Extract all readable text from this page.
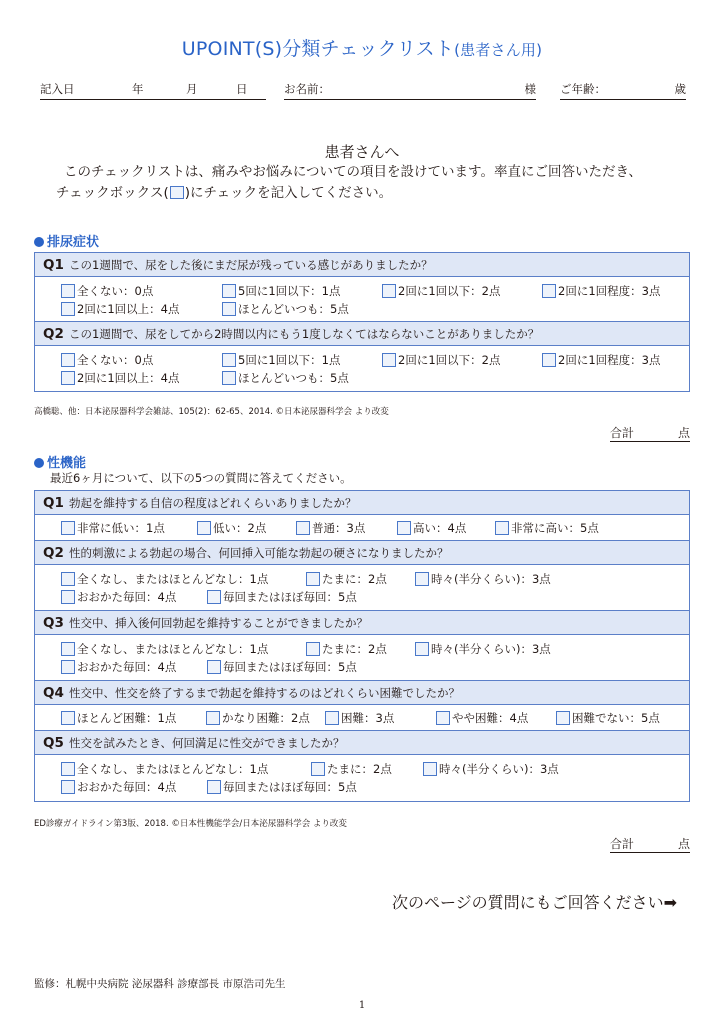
UPOINT(S)分類チェックリスト(患者さん用)
記入日	年	月	日	お名前：	様 ご年齢：	歳
患者さんへ
このチェックリストは、痛みやお悩みについての項目を設けています。率直にご回答いただき、
チェックボックス( )にチェックを記入してください。
排尿症状
Q1 この1週間で、尿をした後にまだ尿が残っている感じがありましたか？
全くない：0点	5回に1回以下：1点	2回に1回以下：2点	2回に1回程度：3点
2回に1回以上：4点	ほとんどいつも：5点
Q2 この1週間で、尿をしてから2時間以内にもう1度しなくてはならないことがありましたか？
全くない：0点	5回に1回以下：1点	2回に1回以下：2点	2回に1回程度：3点
2回に1回以上：4点	ほとんどいつも：5点
高橋聡、他：日本泌尿器科学会雑誌、105(2)：62-65、2014. ©日本泌尿器科学会 より改変
合計	点
性機能
最近6ヶ月について、以下の5つの質問に答えてください。
Q1 勃起を維持する自信の程度はどれくらいありましたか？
非常に低い：1点	低い：2点	普通：3点	高い：4点	非常に高い：5点
Q2 性的刺激による勃起の場合、何回挿入可能な勃起の硬さになりましたか？
全くなし、またはほとんどなし：1点	たまに：2点	時々(半分くらい)：3点
おおかた毎回：4点	毎回またはほぼ毎回：5点
Q3 性交中、挿入後何回勃起を維持することができましたか？
全くなし、またはほとんどなし：1点	たまに：2点	時々(半分くらい)：3点
おおかた毎回：4点	毎回またはほぼ毎回：5点
Q4 性交中、性交を終了するまで勃起を維持するのはどれくらい困難でしたか？
ほとんど困難：1点	かなり困難：2点	困難：3点	やや困難：4点	困難でない：5点
Q5 性交を試みたとき、何回満足に性交ができましたか？
全くなし、またはほとんどなし：1点	たまに：2点	時々(半分くらい)：3点
おおかた毎回：4点	毎回またはほぼ毎回：5点
ED診療ガイドライン第3版、2018. ©日本性機能学会/日本泌尿器科学会 より改変
合計	点
次のページの質問にもご回答ください➡
監修：札幌中央病院 泌尿器科 診療部長 市原浩司先生
1
